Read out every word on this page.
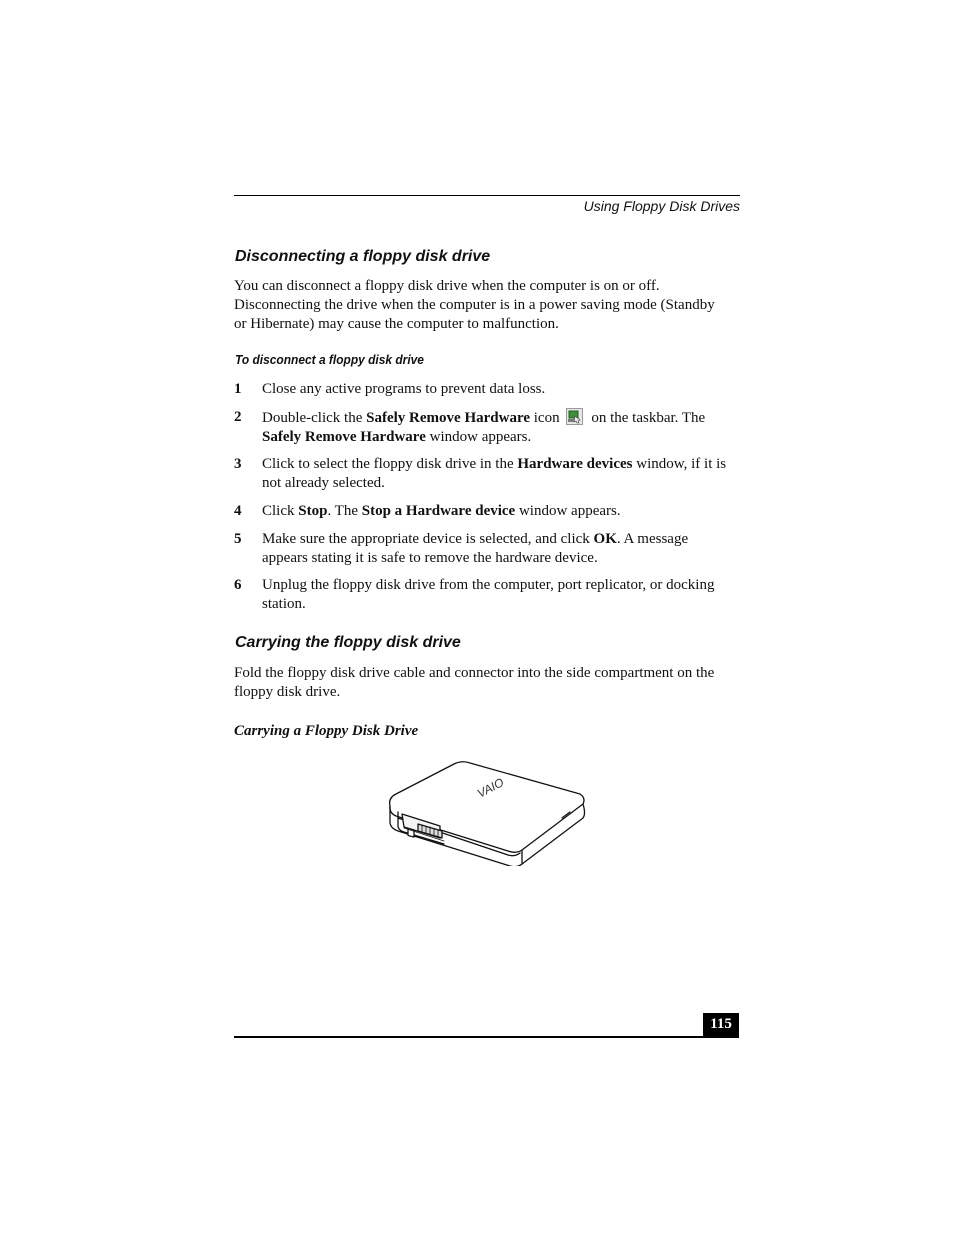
Using Floppy Disk Drives
Disconnecting a floppy disk drive
You can disconnect a floppy disk drive when the computer is on or off.
Disconnecting the drive when the computer is in a power saving mode (Standby
or Hibernate) may cause the computer to malfunction.
To disconnect a floppy disk drive
1 Close any active programs to prevent data loss.
2 Double-click the Safely Remove Hardware icon on the taskbar. The
Safely Remove Hardware window appears.
3 Click to select the floppy disk drive in the Hardware devices window, if it is
not already selected.
4 Click Stop. The Stop a Hardware device window appears.
5 Make sure the appropriate device is selected, and click OK. A message
appears stating it is safe to remove the hardware device.
6 Unplug the floppy disk drive from the computer, port replicator, or docking
station.
Carrying the floppy disk drive
Fold the floppy disk drive cable and connector into the side compartment on the
floppy disk drive.
Carrying a Floppy Disk Drive
VAIO
115
